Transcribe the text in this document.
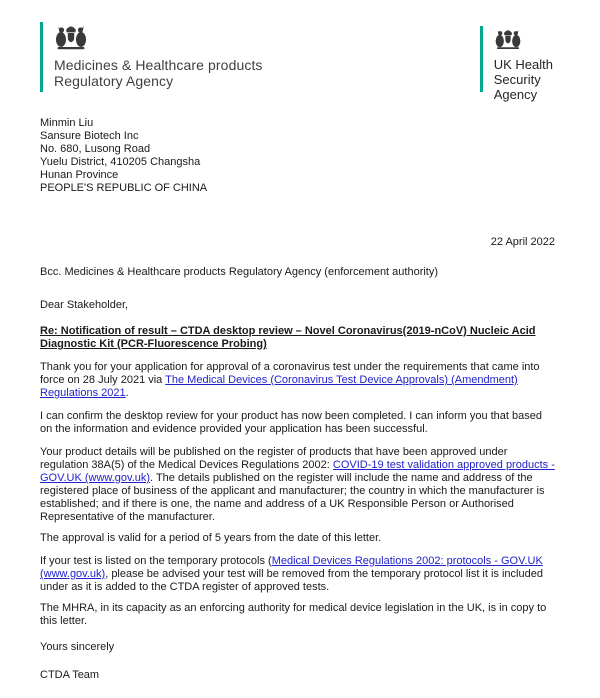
Medicines & Healthcare products
Regulatory Agency
UK Health
Security
Agency
Minmin Liu
Sansure Biotech Inc
No. 680, Lusong Road
Yuelu District, 410205 Changsha
Hunan Province
PEOPLE'S REPUBLIC OF CHINA
22 April 2022
Bcc. Medicines & Healthcare products Regulatory Agency (enforcement authority)
Dear Stakeholder,
Re: Notification of result – CTDA desktop review – Novel Coronavirus(2019-nCoV) Nucleic Acid Diagnostic Kit (PCR-Fluorescence Probing)

Thank you for your application for approval of a coronavirus test under the requirements that came into force on 28 July 2021 via The Medical Devices (Coronavirus Test Device Approvals) (Amendment) Regulations 2021.

I can confirm the desktop review for your product has now been completed. I can inform you that based on the information and evidence provided your application has been successful.

Your product details will be published on the register of products that have been approved under regulation 38A(5) of the Medical Devices Regulations 2002: COVID-19 test validation approved products - GOV.UK (www.gov.uk). The details published on the register will include the name and address of the registered place of business of the applicant and manufacturer; the country in which the manufacturer is established; and if there is one, the name and address of a UK Responsible Person or Authorised Representative of the manufacturer.

The approval is valid for a period of 5 years from the date of this letter.

If your test is listed on the temporary protocols (Medical Devices Regulations 2002: protocols - GOV.UK (www.gov.uk), please be advised your test will be removed from the temporary protocol list it is included under as it is added to the CTDA register of approved tests.

The MHRA, in its capacity as an enforcing authority for medical device legislation in the UK, is in copy to this letter.

Yours sincerely
CTDA Team
